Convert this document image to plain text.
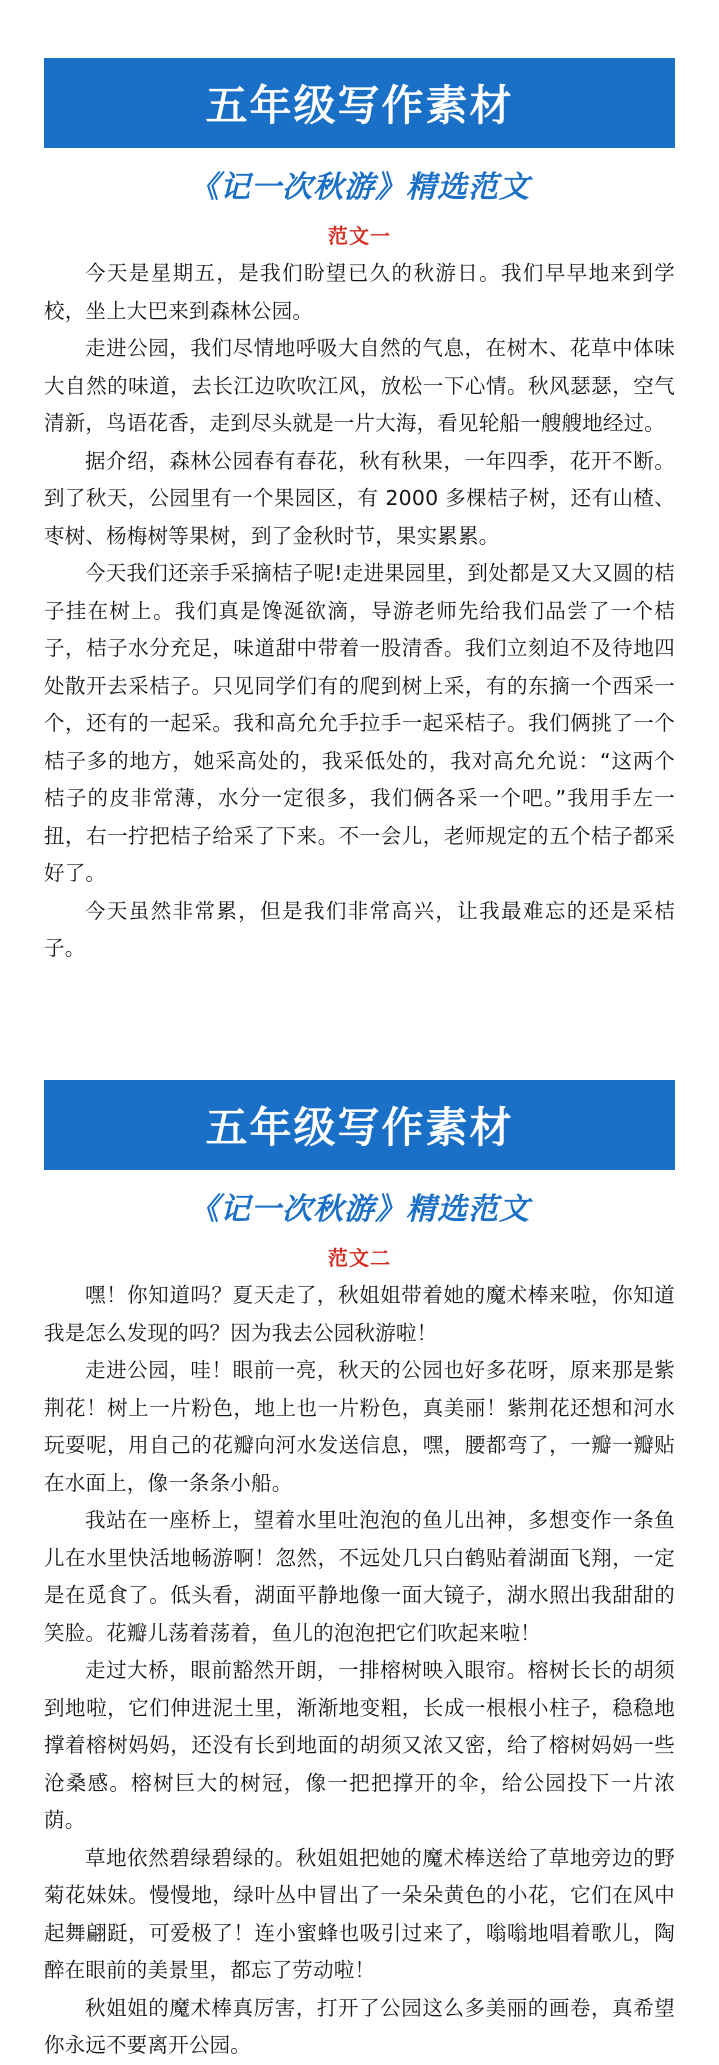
五年级写作素材
《记一次秋游》精选范文
范文一

今天是星期五，是我们盼望已久的秋游日。我们早早地来到学校，坐上大巴来到森林公园。

走进公园，我们尽情地呼吸大自然的气息，在树木、花草中体味大自然的味道，去长江边吹吹江风，放松一下心情。秋风瑟瑟，空气清新，鸟语花香，走到尽头就是一片大海，看见轮船一艘艘地经过。

据介绍，森林公园春有春花，秋有秋果，一年四季，花开不断。到了秋天，公园里有一个果园区，有 2000 多棵桔子树，还有山楂、枣树、杨梅树等果树，到了金秋时节，果实累累。

今天我们还亲手采摘桔子呢!走进果园里，到处都是又大又圆的桔子挂在树上。我们真是馋涎欲滴，导游老师先给我们品尝了一个桔子，桔子水分充足，味道甜中带着一股清香。我们立刻迫不及待地四处散开去采桔子。只见同学们有的爬到树上采，有的东摘一个西采一个，还有的一起采。我和高允允手拉手一起采桔子。我们俩挑了一个桔子多的地方，她采高处的，我采低处的，我对高允允说：“这两个桔子的皮非常薄，水分一定很多，我们俩各采一个吧。”我用手左一扭，右一拧把桔子给采了下来。不一会儿，老师规定的五个桔子都采好了。

今天虽然非常累，但是我们非常高兴，让我最难忘的还是采桔子。

五年级写作素材
《记一次秋游》精选范文
范文二

嘿！你知道吗？夏天走了，秋姐姐带着她的魔术棒来啦，你知道我是怎么发现的吗？因为我去公园秋游啦！

走进公园，哇！眼前一亮，秋天的公园也好多花呀，原来那是紫荆花！树上一片粉色，地上也一片粉色，真美丽！紫荆花还想和河水玩耍呢，用自己的花瓣向河水发送信息，嘿，腰都弯了，一瓣一瓣贴在水面上，像一条条小船。

我站在一座桥上，望着水里吐泡泡的鱼儿出神，多想变作一条鱼儿在水里快活地畅游啊！忽然，不远处几只白鹤贴着湖面飞翔，一定是在觅食了。低头看，湖面平静地像一面大镜子，湖水照出我甜甜的笑脸。花瓣儿荡着荡着，鱼儿的泡泡把它们吹起来啦！

走过大桥，眼前豁然开朗，一排榕树映入眼帘。榕树长长的胡须到地啦，它们伸进泥土里，渐渐地变粗，长成一根根小柱子，稳稳地撑着榕树妈妈，还没有长到地面的胡须又浓又密，给了榕树妈妈一些沧桑感。榕树巨大的树冠，像一把把撑开的伞，给公园投下一片浓荫。

草地依然碧绿碧绿的。秋姐姐把她的魔术棒送给了草地旁边的野菊花妹妹。慢慢地，绿叶丛中冒出了一朵朵黄色的小花，它们在风中起舞翩跹，可爱极了！连小蜜蜂也吸引过来了，嗡嗡地唱着歌儿，陶醉在眼前的美景里，都忘了劳动啦！

秋姐姐的魔术棒真厉害，打开了公园这么多美丽的画卷，真希望你永远不要离开公园。
